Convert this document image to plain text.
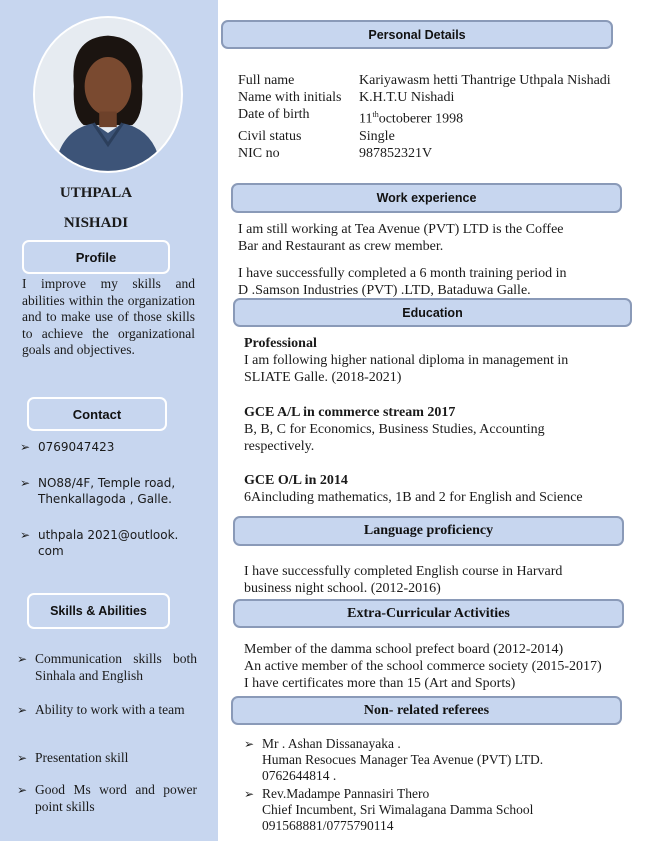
UTHPALA
NISHADI
Profile
I improve my skills and abilities within the organization and to make use of those skills to achieve the organizational goals and objectives.
Contact
➢ 0769047423
➢ NO88/4F, Temple road,
Thenkallagoda , Galle.
➢ uthpala 2021@outlook.
com
Skills & Abilities
➢ Communication skills both Sinhala and English
➢ Ability to work with a team
➢ Presentation skill
➢ Good Ms word and power point skills
Personal Details
Full name	Kariyawasm hetti Thantrige Uthpala Nishadi
Name with initials	K.H.T.U Nishadi
Date of birth	11thoctoberer 1998
Civil status	Single
NIC no	987852321V
Work experience
I am still working at Tea Avenue (PVT) LTD is the Coffee
Bar and Restaurant as crew member.
I have successfully completed a 6 month training period in
D .Samson Industries (PVT) .LTD, Bataduwa Galle.
Education
Professional
I am following higher national diploma in management in
SLIATE Galle. (2018-2021)
GCE A/L in commerce stream 2017
B, B, C for Economics, Business Studies, Accounting
respectively.
GCE O/L in 2014
6Aincluding mathematics, 1B and 2 for English and Science
Language proficiency
I have successfully completed English course in Harvard
business night school. (2012-2016)
Extra-Curricular Activities
Member of the damma school prefect board (2012-2014)
An active member of the school commerce society (2015-2017)
I have certificates more than 15 (Art and Sports)
Non- related referees
➢ Mr . Ashan Dissanayaka .
Human Resocues Manager Tea Avenue (PVT) LTD.
0762644814 .
➢ Rev.Madampe Pannasiri Thero
Chief Incumbent, Sri Wimalagana Damma School
091568881/0775790114
